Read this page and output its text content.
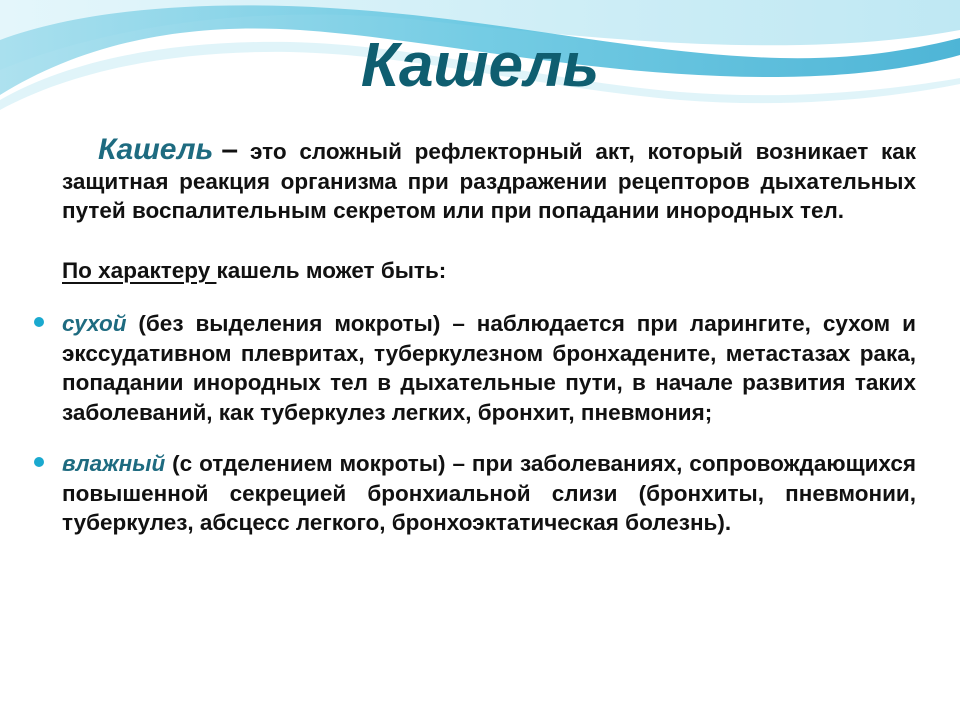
Кашель

Кашель – это сложный рефлекторный акт, который возникает как защитная реакция организма при раздражении рецепторов дыхательных путей воспалительным секретом или при попадании инородных тел.

По характеру кашель может быть:

сухой (без выделения мокроты) – наблюдается при ларингите, сухом и экссудативном плевритах, туберкулезном бронхадените, метастазах рака, попадании инородных тел в дыхательные пути, в начале развития таких заболеваний, как туберкулез легких, бронхит, пневмония;

влажный (с отделением мокроты) – при заболеваниях, сопровождающихся повышенной секрецией бронхиальной слизи (бронхиты, пневмонии, туберкулез, абсцесс легкого, бронхоэктатическая болезнь).
